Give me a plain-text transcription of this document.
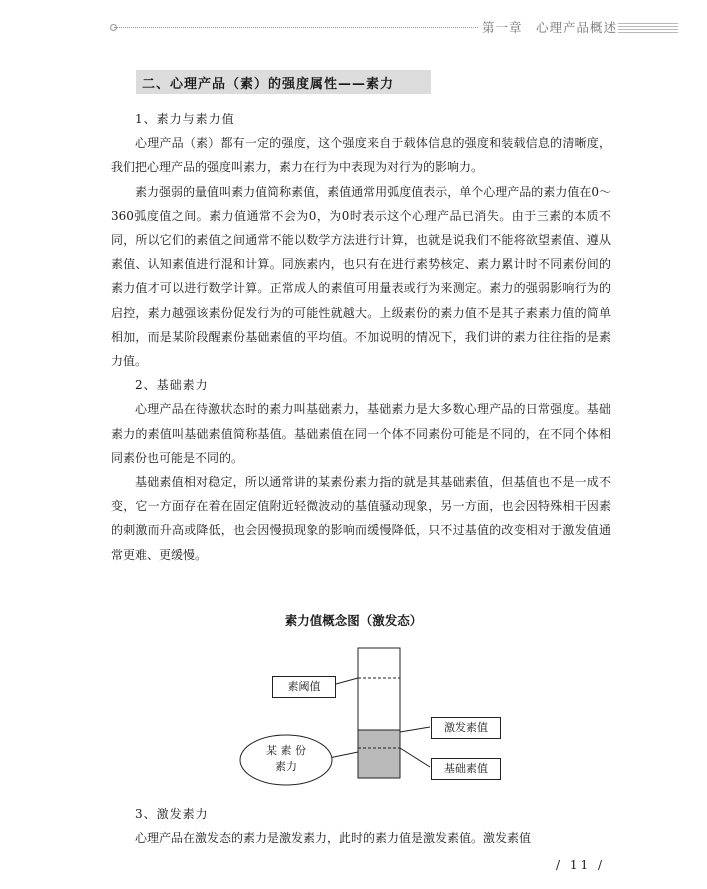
第一章　心理产品概述
二、心理产品（素）的强度属性——素力

1、素力与素力值

心理产品（素）都有一定的强度，这个强度来自于载体信息的强度和装载信息的清晰度，我们把心理产品的强度叫素力，素力在行为中表现为对行为的影响力。

素力强弱的量值叫素力值简称素值，素值通常用弧度值表示，单个心理产品的素力值在0～360弧度值之间。素力值通常不会为0，为0时表示这个心理产品已消失。由于三素的本质不同，所以它们的素值之间通常不能以数学方法进行计算，也就是说我们不能将欲望素值、遵从素值、认知素值进行混和计算。同族素内，也只有在进行素势核定、素力累计时不同素份间的素力值才可以进行数学计算。正常成人的素值可用量表或行为来测定。素力的强弱影响行为的启控，素力越强该素份促发行为的可能性就越大。上级素份的素力值不是其子素素力值的简单相加，而是某阶段醒素份基础素值的平均值。不加说明的情况下，我们讲的素力往往指的是素力值。

2、基础素力

心理产品在待激状态时的素力叫基础素力，基础素力是大多数心理产品的日常强度。基础素力的素值叫基础素值简称基值。基础素值在同一个体不同素份可能是不同的，在不同个体相同素份也可能是不同的。

基础素值相对稳定，所以通常讲的某素份素力指的就是其基础素值，但基值也不是一成不变，它一方面存在着在固定值附近轻微波动的基值骚动现象，另一方面，也会因特殊相干因素的刺激而升高或降低，也会因慢损现象的影响而缓慢降低，只不过基值的改变相对于激发值通常更难、更缓慢。

素力值概念图（激发态）
素阈值
激发素值
基础素值
某 素 份
素力

3、激发素力

心理产品在激发态的素力是激发素力，此时的素力值是激发素值。激发素值

/ 11 /
